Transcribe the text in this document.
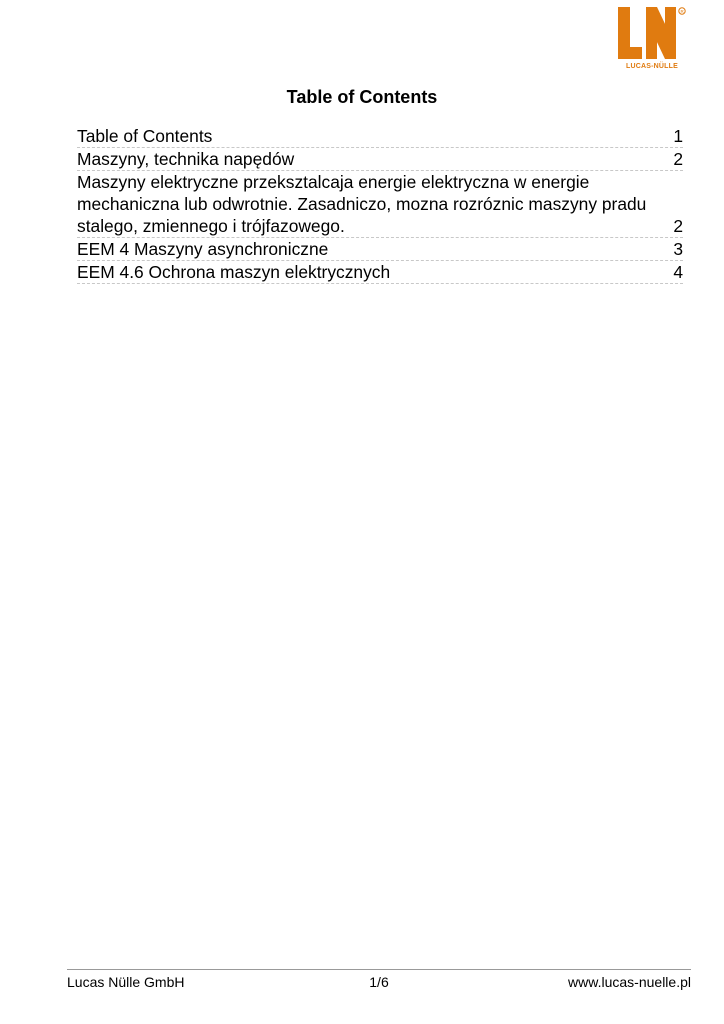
R
LUCAS-NÜLLE
Table of Contents
Table of Contents	1
Maszyny, technika napędów	2
Maszyny elektryczne przeksztalcaja energie elektryczna w energie mechaniczna lub odwrotnie. Zasadniczo, mozna rozróznic maszyny pradu stalego, zmiennego i trójfazowego.	2
EEM 4 Maszyny asynchroniczne	3
EEM 4.6 Ochrona maszyn elektrycznych	4
Lucas Nülle GmbH	1/6	www.lucas-nuelle.pl
